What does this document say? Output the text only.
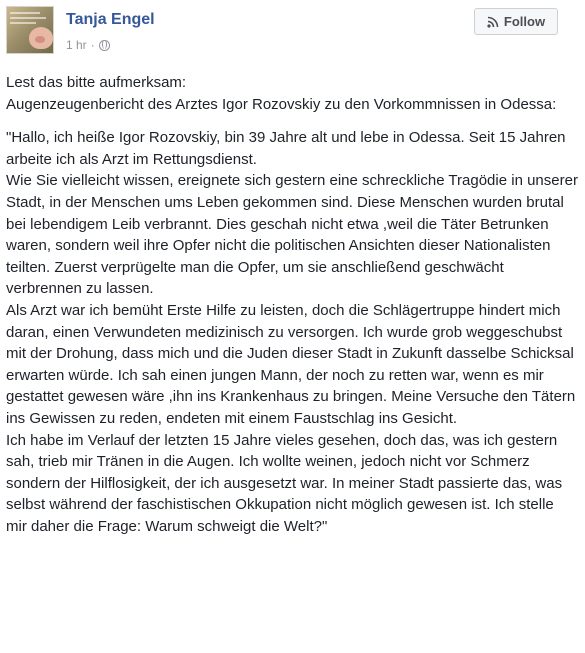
Tanja Engel
1 hr ·
Follow

Lest das bitte aufmerksam:

Augenzeugenbericht des Arztes Igor Rozovskiy zu den Vorkommnissen in Odessa:

"Hallo, ich heiße Igor Rozovskiy, bin 39 Jahre alt und lebe in Odessa. Seit 15 Jahren arbeite ich als Arzt im Rettungsdienst.

Wie Sie vielleicht wissen, ereignete sich gestern eine schreckliche Tragödie in unserer Stadt, in der Menschen ums Leben gekommen sind. Diese Menschen wurden brutal bei lebendigem Leib verbrannt. Dies geschah nicht etwa ,weil die Täter Betrunken waren, sondern weil ihre Opfer nicht die politischen Ansichten dieser Nationalisten teilten. Zuerst verprügelte man die Opfer, um sie anschließend geschwächt verbrennen zu lassen.

Als Arzt war ich bemüht Erste Hilfe zu leisten, doch die Schlägertruppe hindert mich daran, einen Verwundeten medizinisch zu versorgen. Ich wurde grob weggeschubst mit der Drohung, dass mich und die Juden dieser Stadt in Zukunft dasselbe Schicksal erwarten würde. Ich sah einen jungen Mann, der noch zu retten war, wenn es mir gestattet gewesen wäre ,ihn ins Krankenhaus zu bringen. Meine Versuche den Tätern ins Gewissen zu reden, endeten mit einem Faustschlag ins Gesicht.

Ich habe im Verlauf der letzten 15 Jahre vieles gesehen, doch das, was ich gestern sah, trieb mir Tränen in die Augen. Ich wollte weinen, jedoch nicht vor Schmerz sondern der Hilflosigkeit, der ich ausgesetzt war. In meiner Stadt passierte das, was selbst während der faschistischen Okkupation nicht möglich gewesen ist. Ich stelle mir daher die Frage: Warum schweigt die Welt?"
